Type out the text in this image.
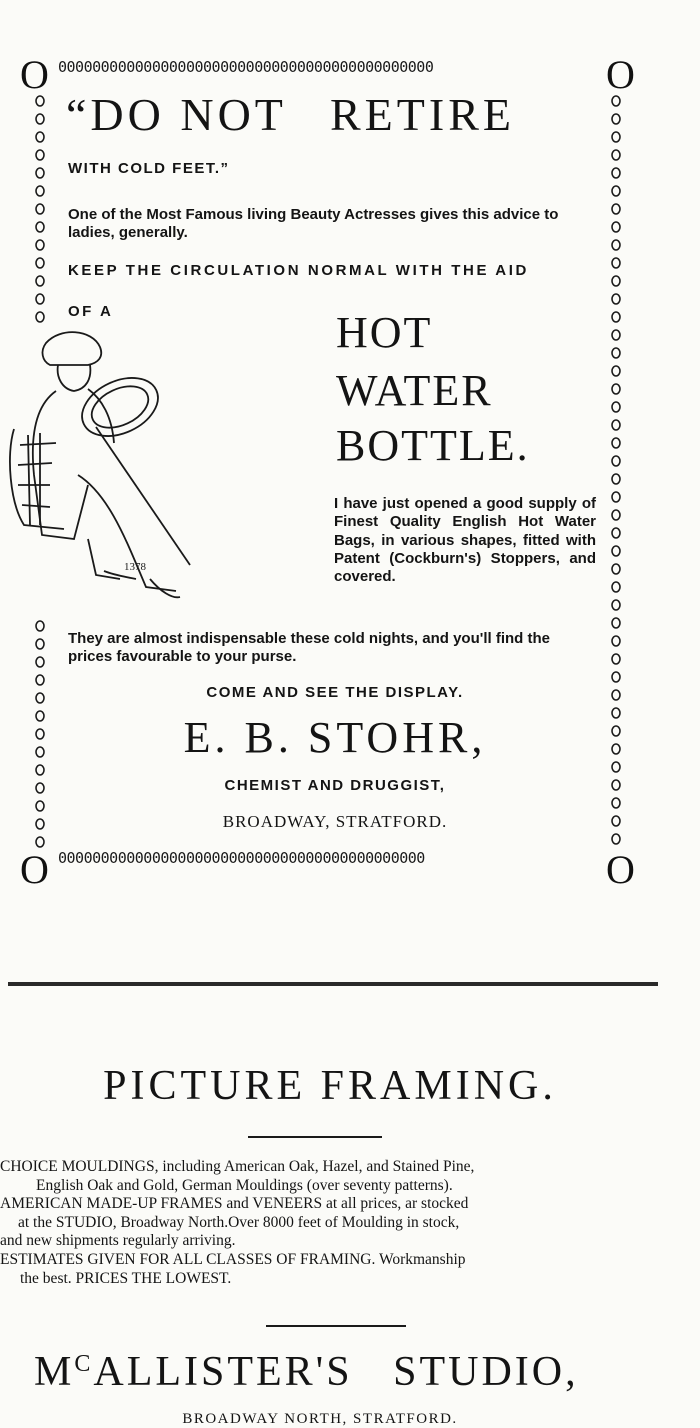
O	O
O	O
00000000000000000000000000000000000000000000
0000000000000000000000000000000000000000000
“DO NOT RETIRE
WITH COLD FEET.”
One of the Most Famous living Beauty Actresses gives this advice to ladies, generally.
KEEP THE CIRCULATION NORMAL WITH THE AID
OF A
1378
HOT
WATER
BOTTLE.
I have just opened a good supply of Finest Quality English Hot Water Bags, in various shapes, fitted with Patent (Cockburn's) Stoppers, and covered.
They are almost indispensable these cold nights, and you'll find the prices favourable to your purse.
COME AND SEE THE DISPLAY.
E. B. STOHR,
CHEMIST AND DRUGGIST,
BROADWAY, STRATFORD.
PICTURE FRAMING.
CHOICE MOULDINGS, including American Oak, Hazel, and Stained Pine,
English Oak and Gold, German Mouldings (over seventy patterns).
AMERICAN MADE-UP FRAMES and VENEERS at all prices, ar stocked
at the STUDIO, Broadway North.Over 8000 feet of Moulding in stock,
and new shipments regularly arriving.
ESTIMATES GIVEN FOR ALL CLASSES OF FRAMING. Workmanship
the best. PRICES THE LOWEST.
$M^CALLISTER'S$   STUDIO,
BROADWAY NORTH, STRATFORD.
